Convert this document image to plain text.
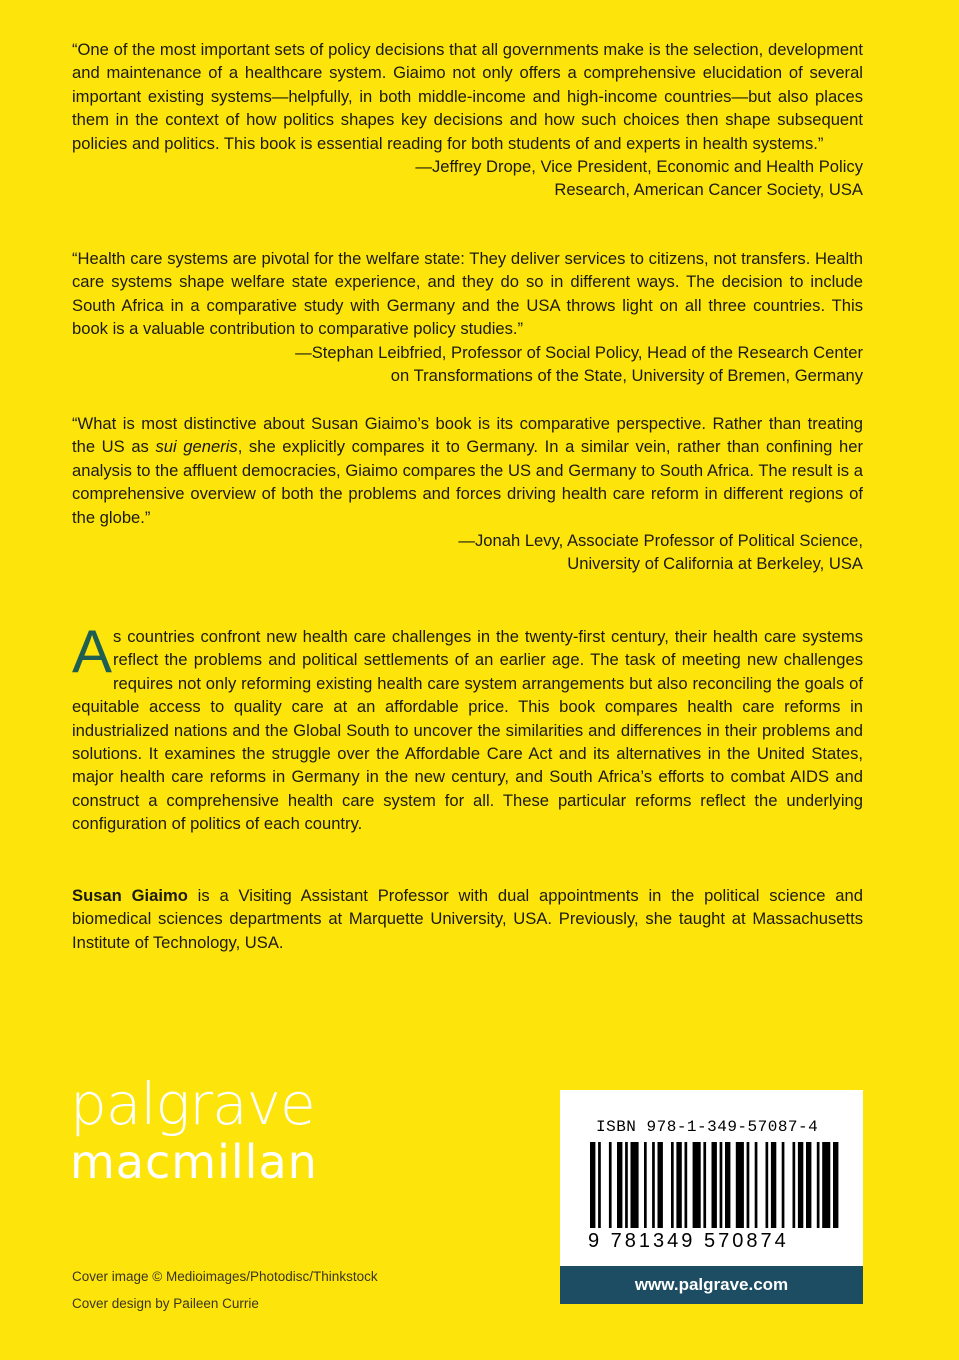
“One of the most important sets of policy decisions that all governments make is the selection, development and maintenance of a healthcare system. Giaimo not only offers a comprehensive elucidation of several important existing systems—helpfully, in both middle-income and high-income countries—but also places them in the context of how politics shapes key decisions and how such choices then shape subsequent policies and politics. This book is essential reading for both students of and experts in health systems.”

—Jeffrey Drope, Vice President, Economic and Health Policy
Research, American Cancer Society, USA

“Health care systems are pivotal for the welfare state: They deliver services to citizens, not transfers. Health care systems shape welfare state experience, and they do so in different ways. The decision to include South Africa in a comparative study with Germany and the USA throws light on all three countries. This book is a valuable contribution to comparative policy studies.”

—Stephan Leibfried, Professor of Social Policy, Head of the Research Center
on Transformations of the State, University of Bremen, Germany

“What is most distinctive about Susan Giaimo’s book is its comparative perspective. Rather than treating the US as sui generis, she explicitly compares it to Germany. In a similar vein, rather than confining her analysis to the affluent democracies, Giaimo compares the US and Germany to South Africa. The result is a comprehensive overview of both the problems and forces driving health care reform in different regions of the globe.”

—Jonah Levy, Associate Professor of Political Science,
University of California at Berkeley, USA

As countries confront new health care challenges in the twenty-first century, their health care systems reflect the problems and political settlements of an earlier age. The task of meeting new challenges requires not only reforming existing health care system arrangements but also reconciling the goals of equitable access to quality care at an affordable price. This book compares health care reforms in industrialized nations and the Global South to uncover the similarities and differences in their problems and solutions. It examines the struggle over the Affordable Care Act and its alternatives in the United States, major health care reforms in Germany in the new century, and South Africa’s efforts to combat AIDS and construct a comprehensive health care system for all. These particular reforms reflect the underlying configuration of politics of each country.

Susan Giaimo is a Visiting Assistant Professor with dual appointments in the political science and biomedical sciences departments at Marquette University, USA. Previously, she taught at Massachusetts Institute of Technology, USA.

palgrave
macmillan
Cover image © Medioimages/Photodisc/Thinkstock
Cover design by Paileen Currie
ISBN 978-1-349-57087-4
9 781349 570874
www.palgrave.com
